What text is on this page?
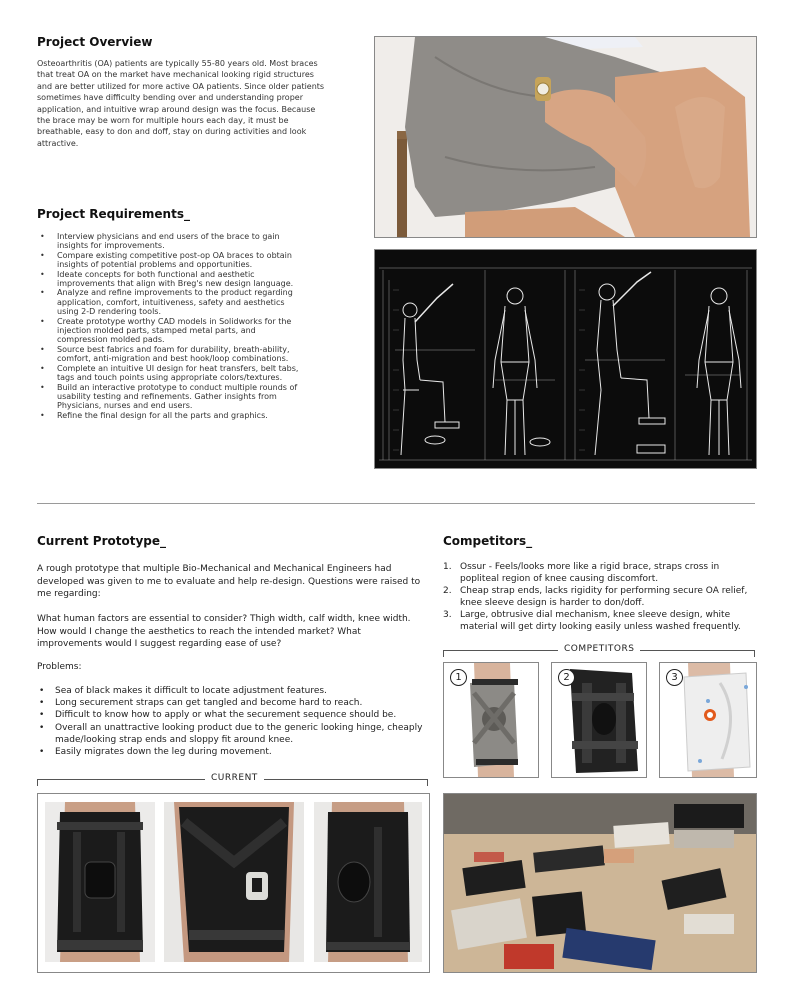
Project Overview
Osteoarthritis (OA) patients are typically 55-80 years old. Most braces that treat OA on the market have mechanical looking rigid structures and are better utilized for more active OA patients. Since older patients sometimes have difficulty bending over and understanding proper application, and intuitive wrap around design was the focus. Because the brace may be worn for multiple hours each day, it must be breathable, easy to don and doff, stay on during activities and look attractive.
Project Requirements_
• Interview physicians and end users of the brace to gain insights for improvements.
• Compare existing competitive post-op OA braces to obtain insights of potential problems and opportunities.
• Ideate concepts for both functional and aesthetic improvements that align with Breg's new design language.
• Analyze and refine improvements to the product regarding application, comfort, intuitiveness, safety and aesthetics using 2-D rendering tools.
• Create prototype worthy CAD models in Solidworks for the injection molded parts, stamped metal parts, and compression molded pads.
• Source best fabrics and foam for durability, breath-ability, comfort, anti-migration and best hook/loop combinations.
• Complete an intuitive UI design for heat transfers, belt tabs, tags and touch points using appropriate colors/textures.
• Build an interactive prototype to conduct multiple rounds of usability testing and refinements. Gather insights from Physicians, nurses and end users.
• Refine the final design for all the parts and graphics.
Current Prototype_
A rough prototype that multiple Bio-Mechanical and Mechanical Engineers had developed was given to me to evaluate and help re-design. Questions were raised to me regarding:
What human factors are essential to consider? Thigh width, calf width, knee width. How would I change the aesthetics to reach the intended market? What improvements would I suggest regarding ease of use?
Problems:
• Sea of black makes it difficult to locate adjustment features.
• Long securement straps can get tangled and become hard to reach.
• Difficult to know how to apply or what the securement sequence should be.
• Overall an unattractive looking product due to the generic looking hinge, cheaply made/looking strap ends and sloppy fit around knee.
• Easily migrates down the leg during movement.
CURRENT
Competitors_
1. Ossur - Feels/looks more like a rigid brace, straps cross in popliteal region of knee causing discomfort.
2. Cheap strap ends, lacks rigidity for performing secure OA relief, knee sleeve design is harder to don/doff.
3. Large, obtrusive dial mechanism, knee sleeve design, white material will get dirty looking easily unless washed frequently.
COMPETITORS
1	2	3
